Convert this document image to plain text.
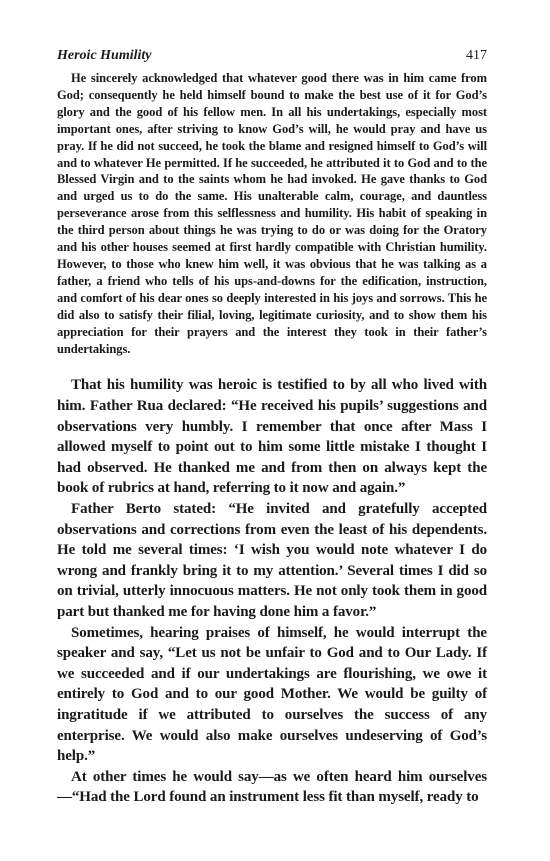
Heroic Humility	417

He sincerely acknowledged that whatever good there was in him came from God; consequently he held himself bound to make the best use of it for God’s glory and the good of his fellow men. In all his undertakings, especially most important ones, after striving to know God’s will, he would pray and have us pray. If he did not succeed, he took the blame and resigned himself to God’s will and to whatever He permitted. If he succeeded, he attributed it to God and to the Blessed Virgin and to the saints whom he had invoked. He gave thanks to God and urged us to do the same. His unalterable calm, courage, and dauntless perseverance arose from this selflessness and humility. His habit of speaking in the third person about things he was trying to do or was doing for the Oratory and his other houses seemed at first hardly compatible with Christian humility. However, to those who knew him well, it was obvious that he was talking as a father, a friend who tells of his ups-and-downs for the edification, instruction, and comfort of his dear ones so deeply interested in his joys and sorrows. This he did also to satisfy their filial, loving, legitimate curiosity, and to show them his appreciation for their prayers and the interest they took in their father’s undertakings.

That his humility was heroic is testified to by all who lived with him. Father Rua declared: “He received his pupils’ suggestions and observations very humbly. I remember that once after Mass I allowed myself to point out to him some little mistake I thought I had observed. He thanked me and from then on always kept the book of rubrics at hand, referring to it now and again.”

Father Berto stated: “He invited and gratefully accepted observations and corrections from even the least of his dependents. He told me several times: ‘I wish you would note whatever I do wrong and frankly bring it to my attention.’ Several times I did so on trivial, utterly innocuous matters. He not only took them in good part but thanked me for having done him a favor.”

Sometimes, hearing praises of himself, he would interrupt the speaker and say, “Let us not be unfair to God and to Our Lady. If we succeeded and if our undertakings are flourishing, we owe it entirely to God and to our good Mother. We would be guilty of ingratitude if we attributed to ourselves the success of any enterprise. We would also make ourselves undeserving of God’s help.”

At other times he would say—as we often heard him ourselves—“Had the Lord found an instrument less fit than myself, ready to
